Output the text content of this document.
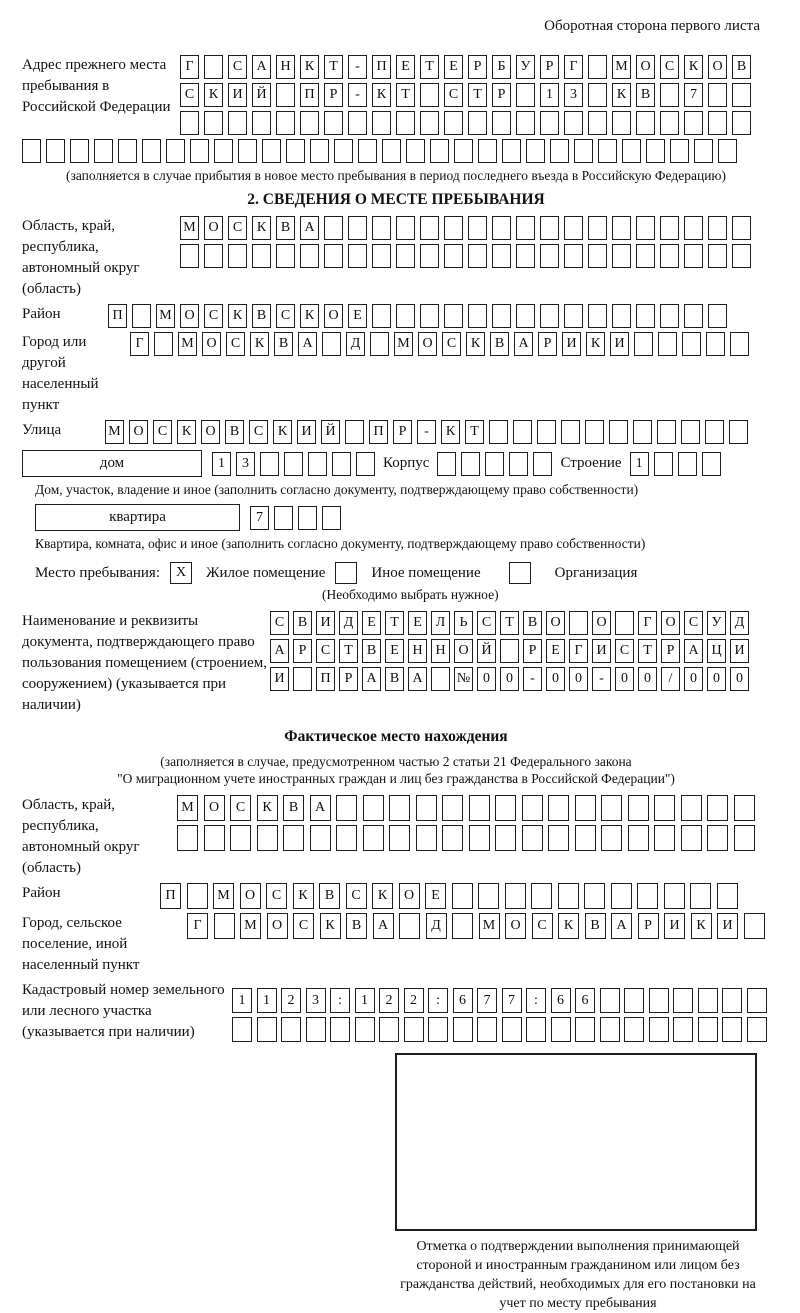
Оборотная сторона первого листа
Адрес прежнего места пребывания в Российской Федерации
Г	С	А Н	К	Т	-	П	Е	Т	Е	Р	Б	У	Р	Г	М О	С	К	О	В
С	К	И Й	П	Р	-	К	Т	С	Т	Р	1	3	К	В	7
(заполняется в случае прибытия в новое место пребывания в период последнего въезда в Российскую Федерацию)
2. СВЕДЕНИЯ О МЕСТЕ ПРЕБЫВАНИЯ
Область, край, республика, автономный округ (область)
М О	С	К	В	А
Район	П	М О	С	К	В	С	К	О	Е
Город или другой населенный пункт
Г	М О	С	К	В	А	Д	М О	С	К	В	А	Р	И	К	И
Улица	М О	С	К	О	В	С	К	И Й	П	Р	-	К	Т
дом	1	3	Корпус	Строение	1
Дом, участок, владение и иное (заполнить согласно документу, подтверждающему право собственности)
квартира	7
Квартира, комната, офис и иное (заполнить согласно документу, подтверждающему право собственности)
Место пребывания:	X	Жилое помещение	Иное помещение	Организация
(Необходимо выбрать нужное)
Наименование и реквизиты документа, подтверждающего право пользования помещением (строением, сооружением) (указывается при наличии)
С В И Д Е	Т	Е Л	Ь	С	Т	В О	О	Г О С У Д
А	Р	С	Т	В	Е Н Н О Й	Р	Е	Г И С	Т	Р	А Ц И
И	П	Р	А В А	№ 0	0	-	0	0	-	0	0	/	0	0	0
Фактическое место нахождения
(заполняется в случае, предусмотренном частью 2 статьи 21 Федерального закона
"О миграционном учете иностранных граждан и лиц без гражданства в Российской Федерации")
Область, край, республика, автономный округ (область)
М	О	С	К	В	А
Район	П	М	О	С	К	В	С	К	О	Е
Город, сельское поселение, иной населенный пункт
Г	М	О	С	К	В	А	Д	М	О	С	К	В	А	Р	И	К	И
Кадастровый номер земельного или лесного участка (указывается при наличии)
1	1	2	3	:	1	2	2	:	6	7	7	:	6	6
Отметка о подтверждении выполнения принимающей стороной и иностранным гражданином или лицом без гражданства действий, необходимых для его постановки на учет по месту пребывания
